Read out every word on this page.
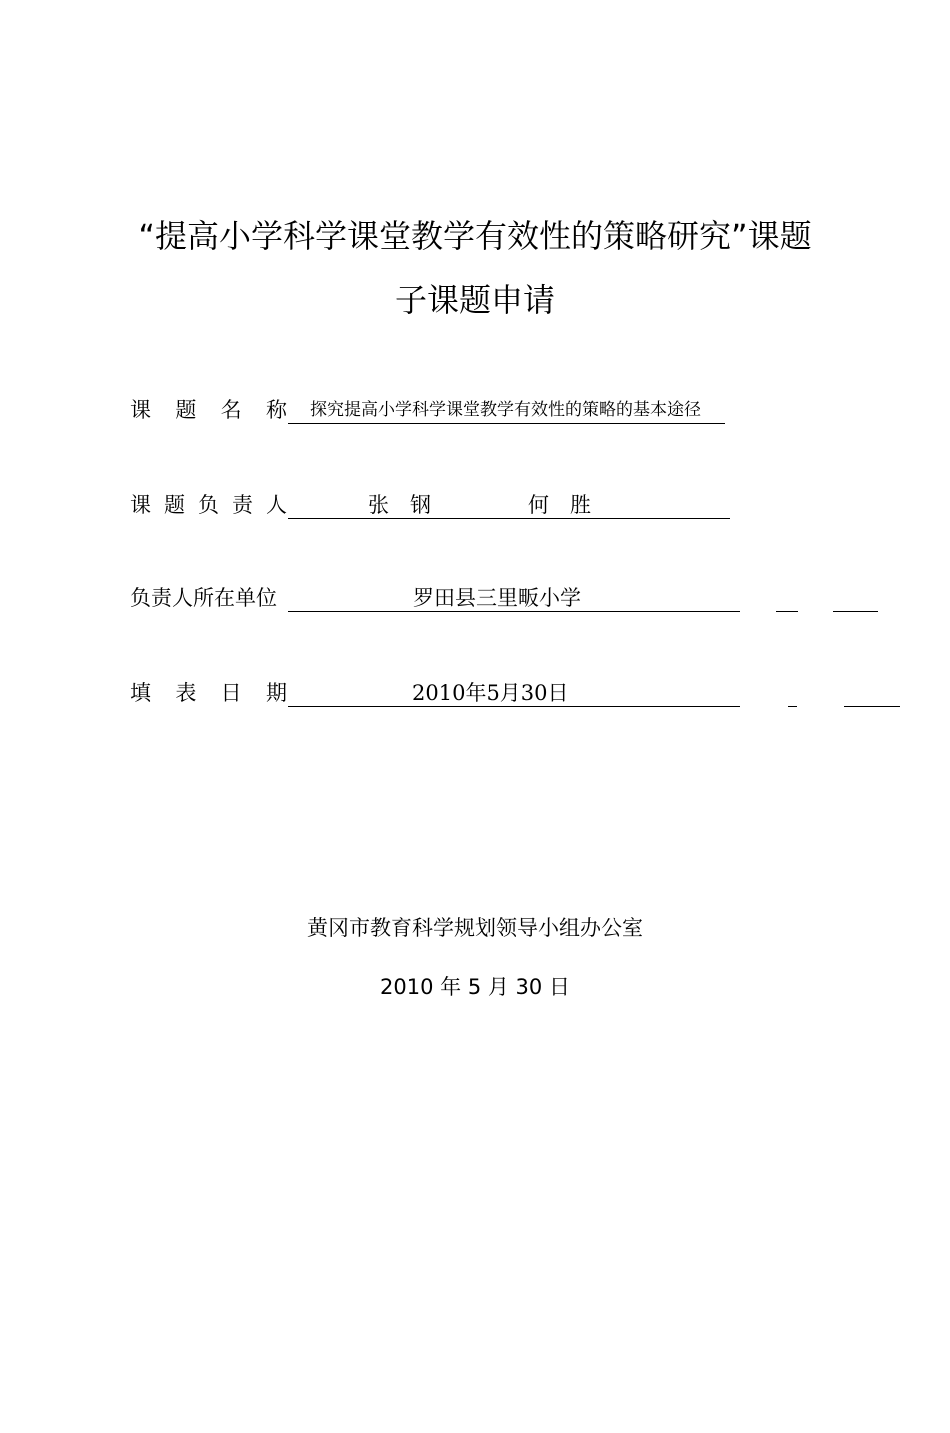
“提高小学科学课堂教学有效性的策略研究”课题
子课题申请
课 题 名 称 探究提高小学科学课堂教学有效性的策略的基本途径
课 题 负 责 人	张　钢	何　胜
负责人所在单位	罗田县三里畈小学
填 表 日 期	2010年5月30日
黄冈市教育科学规划领导小组办公室
2010 年 5 月 30 日
